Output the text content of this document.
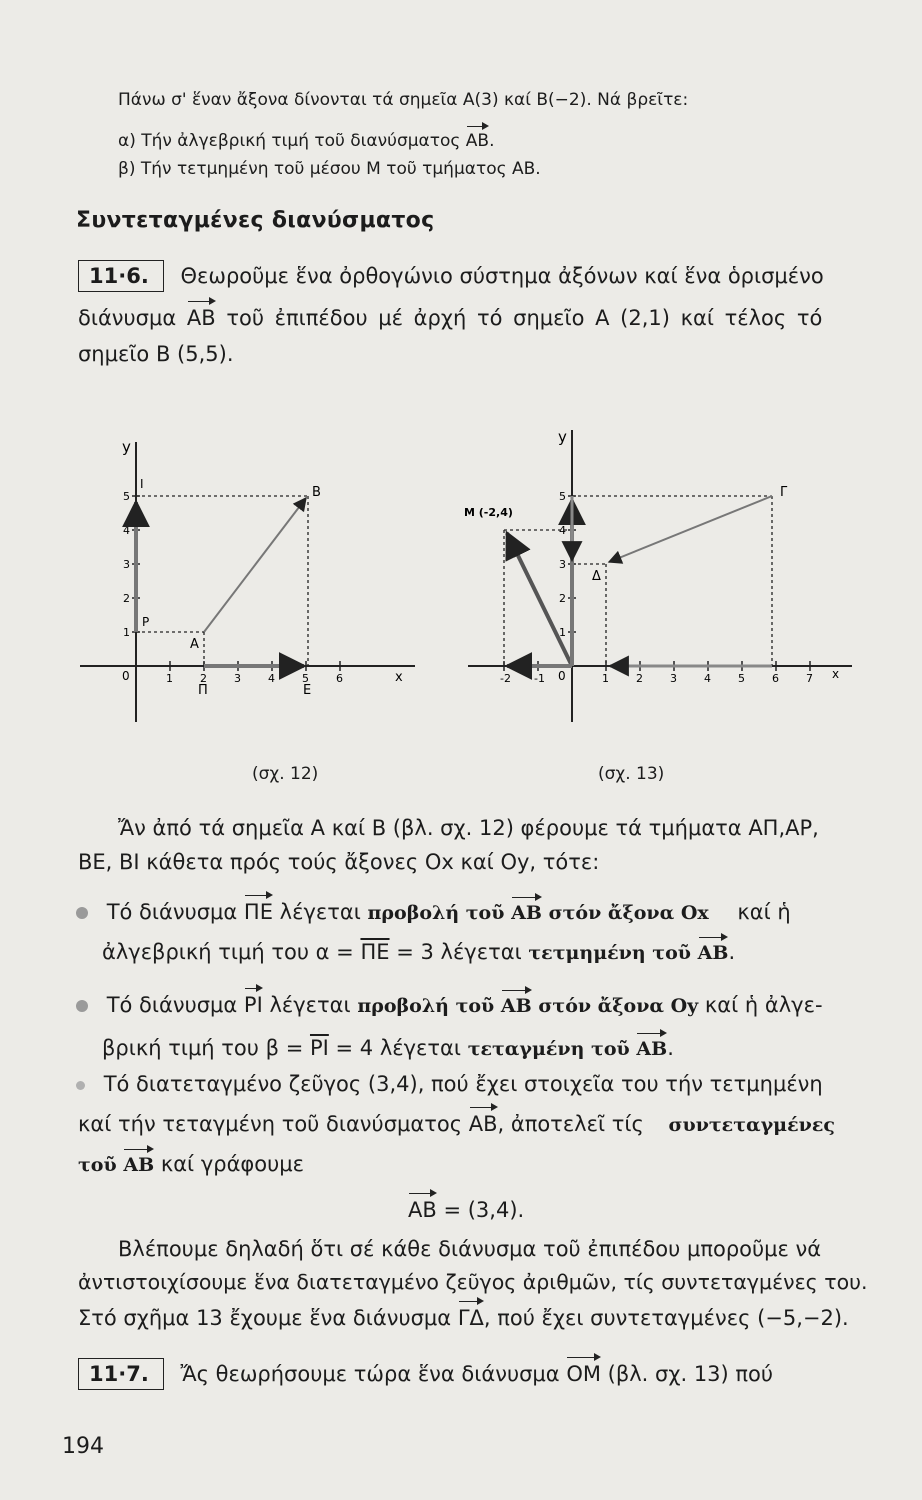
Πάνω σ' ἕναν ἄξονα δίνονται τά σημεῖα Α(3) καί Β(−2). Νά βρεῖτε:
α) Τήν ἀλγεβρική τιμή τοῦ διανύσματος AB.
β) Τήν τετμημένη τοῦ μέσου Μ τοῦ τμήματος ΑΒ.
Συντεταγμένες διανύσματος
11·6. Θεωροῦμε ἕνα ὀρθογώνιο σύστημα ἀξόνων καί ἕνα ὁρισμένο
διάνυσμα AB τοῦ ἐπιπέδου μέ ἀρχή τό σημεῖο Α (2,1) καί τέλος τό
σημεῖο Β (5,5).
1 2 3 4 5 6
1
2
3
4
5
y
x
0
A
B
P
I
Π	E
-2 -1	1 2 3 4 5 6 7
1
2
3
4
5
y
x
0
M (-2,4)
Γ
Δ
(σχ. 12)	(σχ. 13)
Ἄν ἀπό τά σημεῖα Α καί Β (βλ. σχ. 12) φέρουμε τά τμήματα ΑΠ,ΑΡ,
ΒΕ, ΒΙ κάθετα πρός τούς ἄξονες Οx καί Οy, τότε:
Τό διάνυσμα ΠΕ λέγεται προβολή τοῦ AB στόν ἄξονα Ox καί ἡ
ἀλγεβρική τιμή του $\alpha = \overline{\Pi E} = 3$ λέγεται τετμημένη τοῦ AB.
Τό διάνυσμα PI λέγεται προβολή τοῦ AB στόν ἄξονα Oy καί ἡ ἀλγε-
βρική τιμή του $\beta = \overline{PI} = 4$ λέγεται τεταγμένη τοῦ AB.
Τό διατεταγμένο ζεῦγος (3,4), πού ἔχει στοιχεῖα του τήν τετμημένη
καί τήν τεταγμένη τοῦ διανύσματος AB, ἀποτελεῖ τίς συντεταγμένες
τοῦ AB καί γράφουμε
AB = (3,4).
Βλέπουμε δηλαδή ὅτι σέ κάθε διάνυσμα τοῦ ἐπιπέδου μποροῦμε νά
ἀντιστοιχίσουμε ἕνα διατεταγμένο ζεῦγος ἀριθμῶν, τίς συντεταγμένες του.
Στό σχῆμα 13 ἔχουμε ἕνα διάνυσμα ΓΔ, πού ἔχει συντεταγμένες (−5,−2).
11·7. Ἄς θεωρήσουμε τώρα ἕνα διάνυσμα OM (βλ. σχ. 13) πού
194
